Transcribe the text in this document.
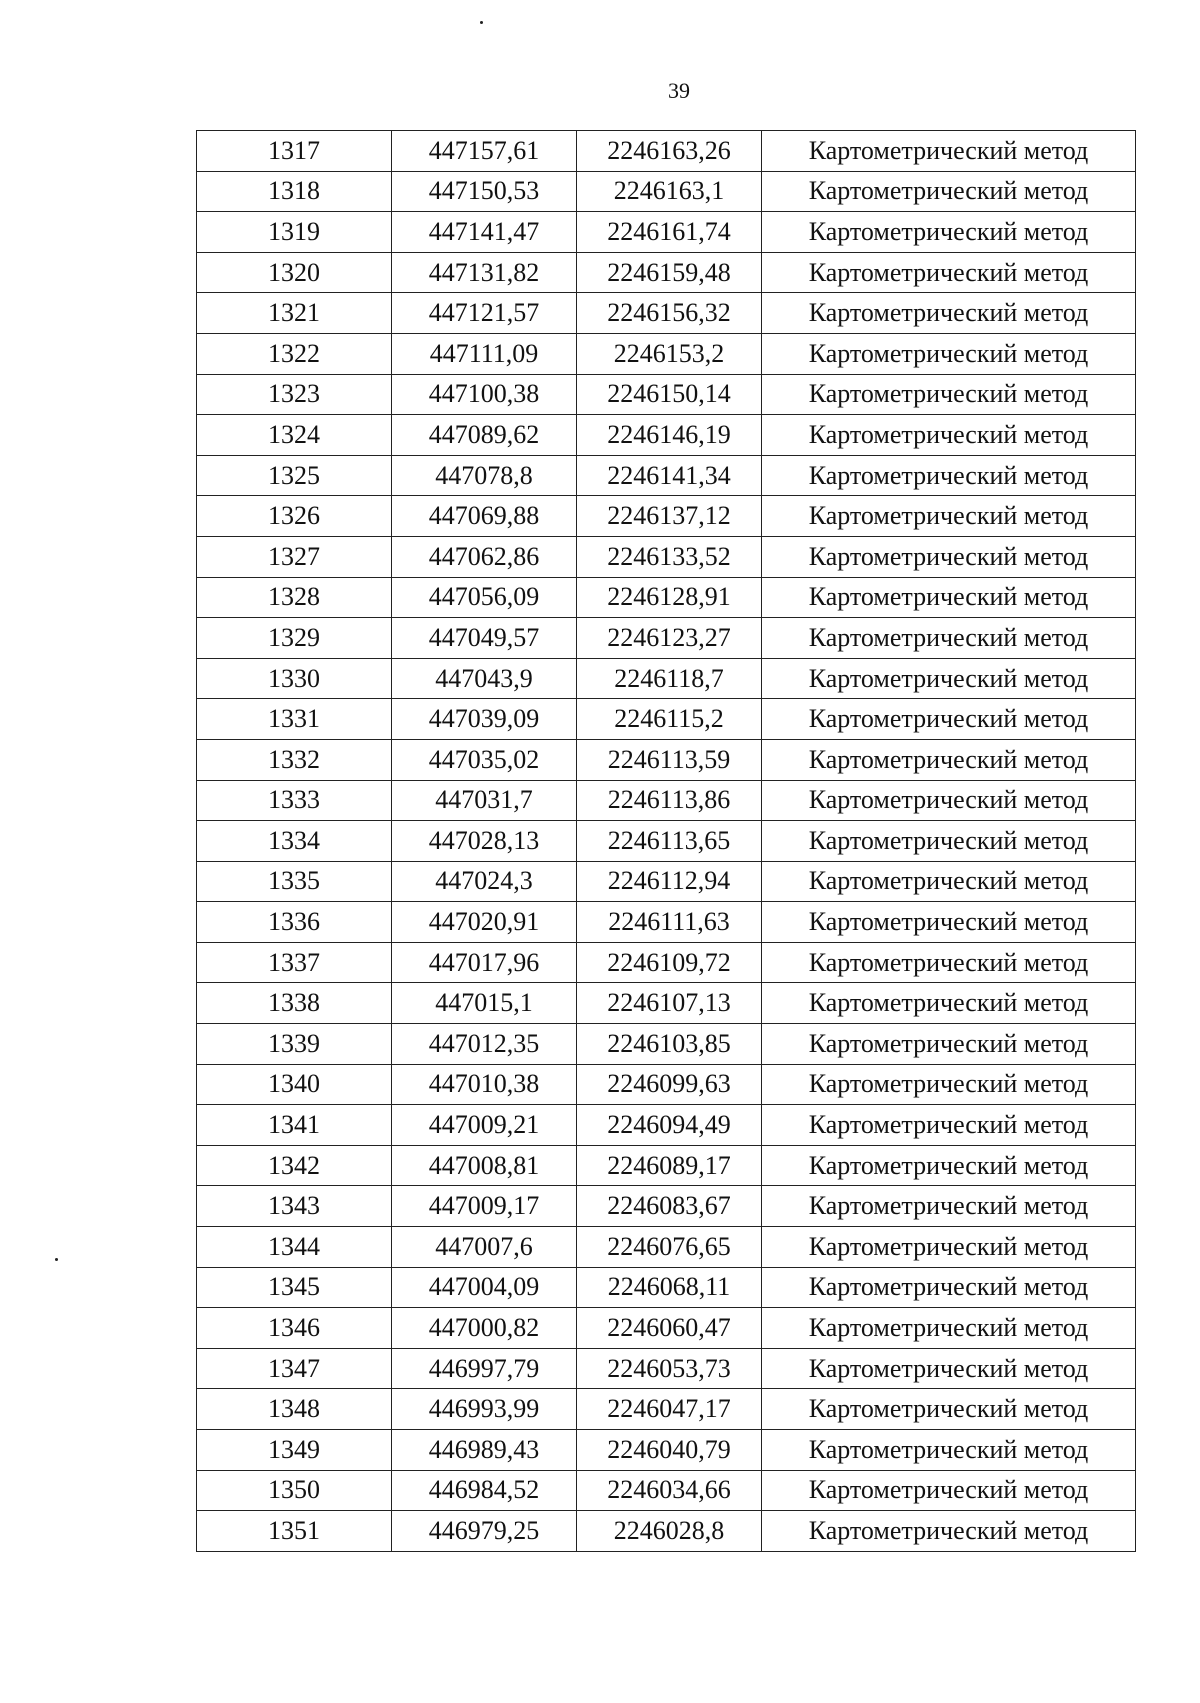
39
1317	447157,61	2246163,26	Картометрический метод
1318	447150,53	2246163,1	Картометрический метод
1319	447141,47	2246161,74	Картометрический метод
1320	447131,82	2246159,48	Картометрический метод
1321	447121,57	2246156,32	Картометрический метод
1322	447111,09	2246153,2	Картометрический метод
1323	447100,38	2246150,14	Картометрический метод
1324	447089,62	2246146,19	Картометрический метод
1325	447078,8	2246141,34	Картометрический метод
1326	447069,88	2246137,12	Картометрический метод
1327	447062,86	2246133,52	Картометрический метод
1328	447056,09	2246128,91	Картометрический метод
1329	447049,57	2246123,27	Картометрический метод
1330	447043,9	2246118,7	Картометрический метод
1331	447039,09	2246115,2	Картометрический метод
1332	447035,02	2246113,59	Картометрический метод
1333	447031,7	2246113,86	Картометрический метод
1334	447028,13	2246113,65	Картометрический метод
1335	447024,3	2246112,94	Картометрический метод
1336	447020,91	2246111,63	Картометрический метод
1337	447017,96	2246109,72	Картометрический метод
1338	447015,1	2246107,13	Картометрический метод
1339	447012,35	2246103,85	Картометрический метод
1340	447010,38	2246099,63	Картометрический метод
1341	447009,21	2246094,49	Картометрический метод
1342	447008,81	2246089,17	Картометрический метод
1343	447009,17	2246083,67	Картометрический метод
1344	447007,6	2246076,65	Картометрический метод
1345	447004,09	2246068,11	Картометрический метод
1346	447000,82	2246060,47	Картометрический метод
1347	446997,79	2246053,73	Картометрический метод
1348	446993,99	2246047,17	Картометрический метод
1349	446989,43	2246040,79	Картометрический метод
1350	446984,52	2246034,66	Картометрический метод
1351	446979,25	2246028,8	Картометрический метод
